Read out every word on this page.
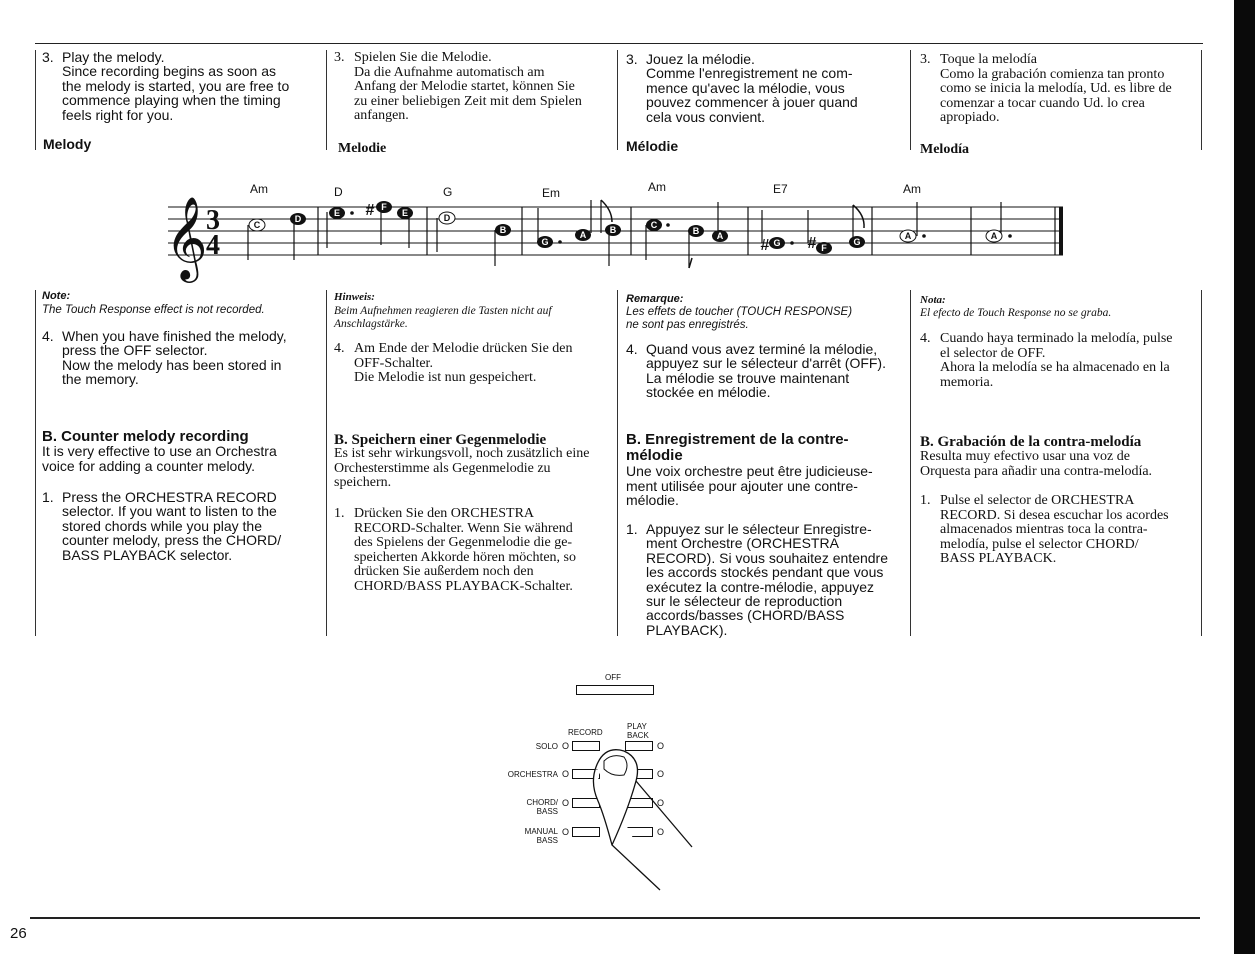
3. Play the melody.
Since recording begins as soon as
the melody is started, you are free to
commence playing when the timing
feels right for you.
Melody
Note:
The Touch Response effect is not recorded.
4. When you have finished the melody,
press the OFF selector.
Now the melody has been stored in
the memory.
B. Counter melody recording
It is very effective to use an Orchestra
voice for adding a counter melody.
1. Press the ORCHESTRA RECORD
selector. If you want to listen to the
stored chords while you play the
counter melody, press the CHORD/
BASS PLAYBACK selector.
3. Spielen Sie die Melodie.
Da die Aufnahme automatisch am
Anfang der Melodie startet, können Sie
zu einer beliebigen Zeit mit dem Spielen
anfangen.
Melodie
Hinweis:
Beim Aufnehmen reagieren die Tasten nicht auf
Anschlagstärke.
4. Am Ende der Melodie drücken Sie den
OFF-Schalter.
Die Melodie ist nun gespeichert.
B. Speichern einer Gegenmelodie
Es ist sehr wirkungsvoll, noch zusätzlich eine
Orchesterstimme als Gegenmelodie zu
speichern.
1. Drücken Sie den ORCHESTRA
RECORD-Schalter. Wenn Sie während
des Spielens der Gegenmelodie die ge-
speicherten Akkorde hören möchten, so
drücken Sie außerdem noch den
CHORD/BASS PLAYBACK-Schalter.
3. Jouez la mélodie.
Comme l'enregistrement ne com-
mence qu'avec la mélodie, vous
pouvez commencer à jouer quand
cela vous convient.
Mélodie
Remarque:
Les effets de toucher (TOUCH RESPONSE)
ne sont pas enregistrés.
4. Quand vous avez terminé la mélodie,
appuyez sur le sélecteur d'arrêt (OFF).
La mélodie se trouve maintenant
stockée en mélodie.
B. Enregistrement de la contre-
mélodie
Une voix orchestre peut être judicieuse-
ment utilisée pour ajouter une contre-
mélodie.
1. Appuyez sur le sélecteur Enregistre-
ment Orchestre (ORCHESTRA
RECORD). Si vous souhaitez entendre
les accords stockés pendant que vous
exécutez la contre-mélodie, appuyez
sur le sélecteur de reproduction
accords/basses (CHORD/BASS
PLAYBACK).
3. Toque la melodía
Como la grabación comienza tan pronto
como se inicia la melodía, Ud. es libre de
comenzar a tocar cuando Ud. lo crea
apropiado.
Melodía
Nota:
El efecto de Touch Response no se graba.
4. Cuando haya terminado la melodía, pulse
el selector de OFF.
Ahora la melodía se ha almacenado en la
memoria.
B. Grabación de la contra-melodía
Resulta muy efectivo usar una voz de
Orquesta para añadir una contra-melodía.
1. Pulse el selector de ORCHESTRA
RECORD. Si desea escuchar los acordes
almacenados mientras toca la contra-
melodía, pulse el selector CHORD/
BASS PLAYBACK.
Am	D	G	Em	Am	E7	Am
𝄞
3
4
C
D
E # F
E	D
B
G
A	B	C
B A
# G # F
G
A	A
OFF
RECORD
PLAY
BACK
SOLO O	O
ORCHESTRA O	O
CHORD/
BASS
O	O
MANUAL
BASS
O	O
26
